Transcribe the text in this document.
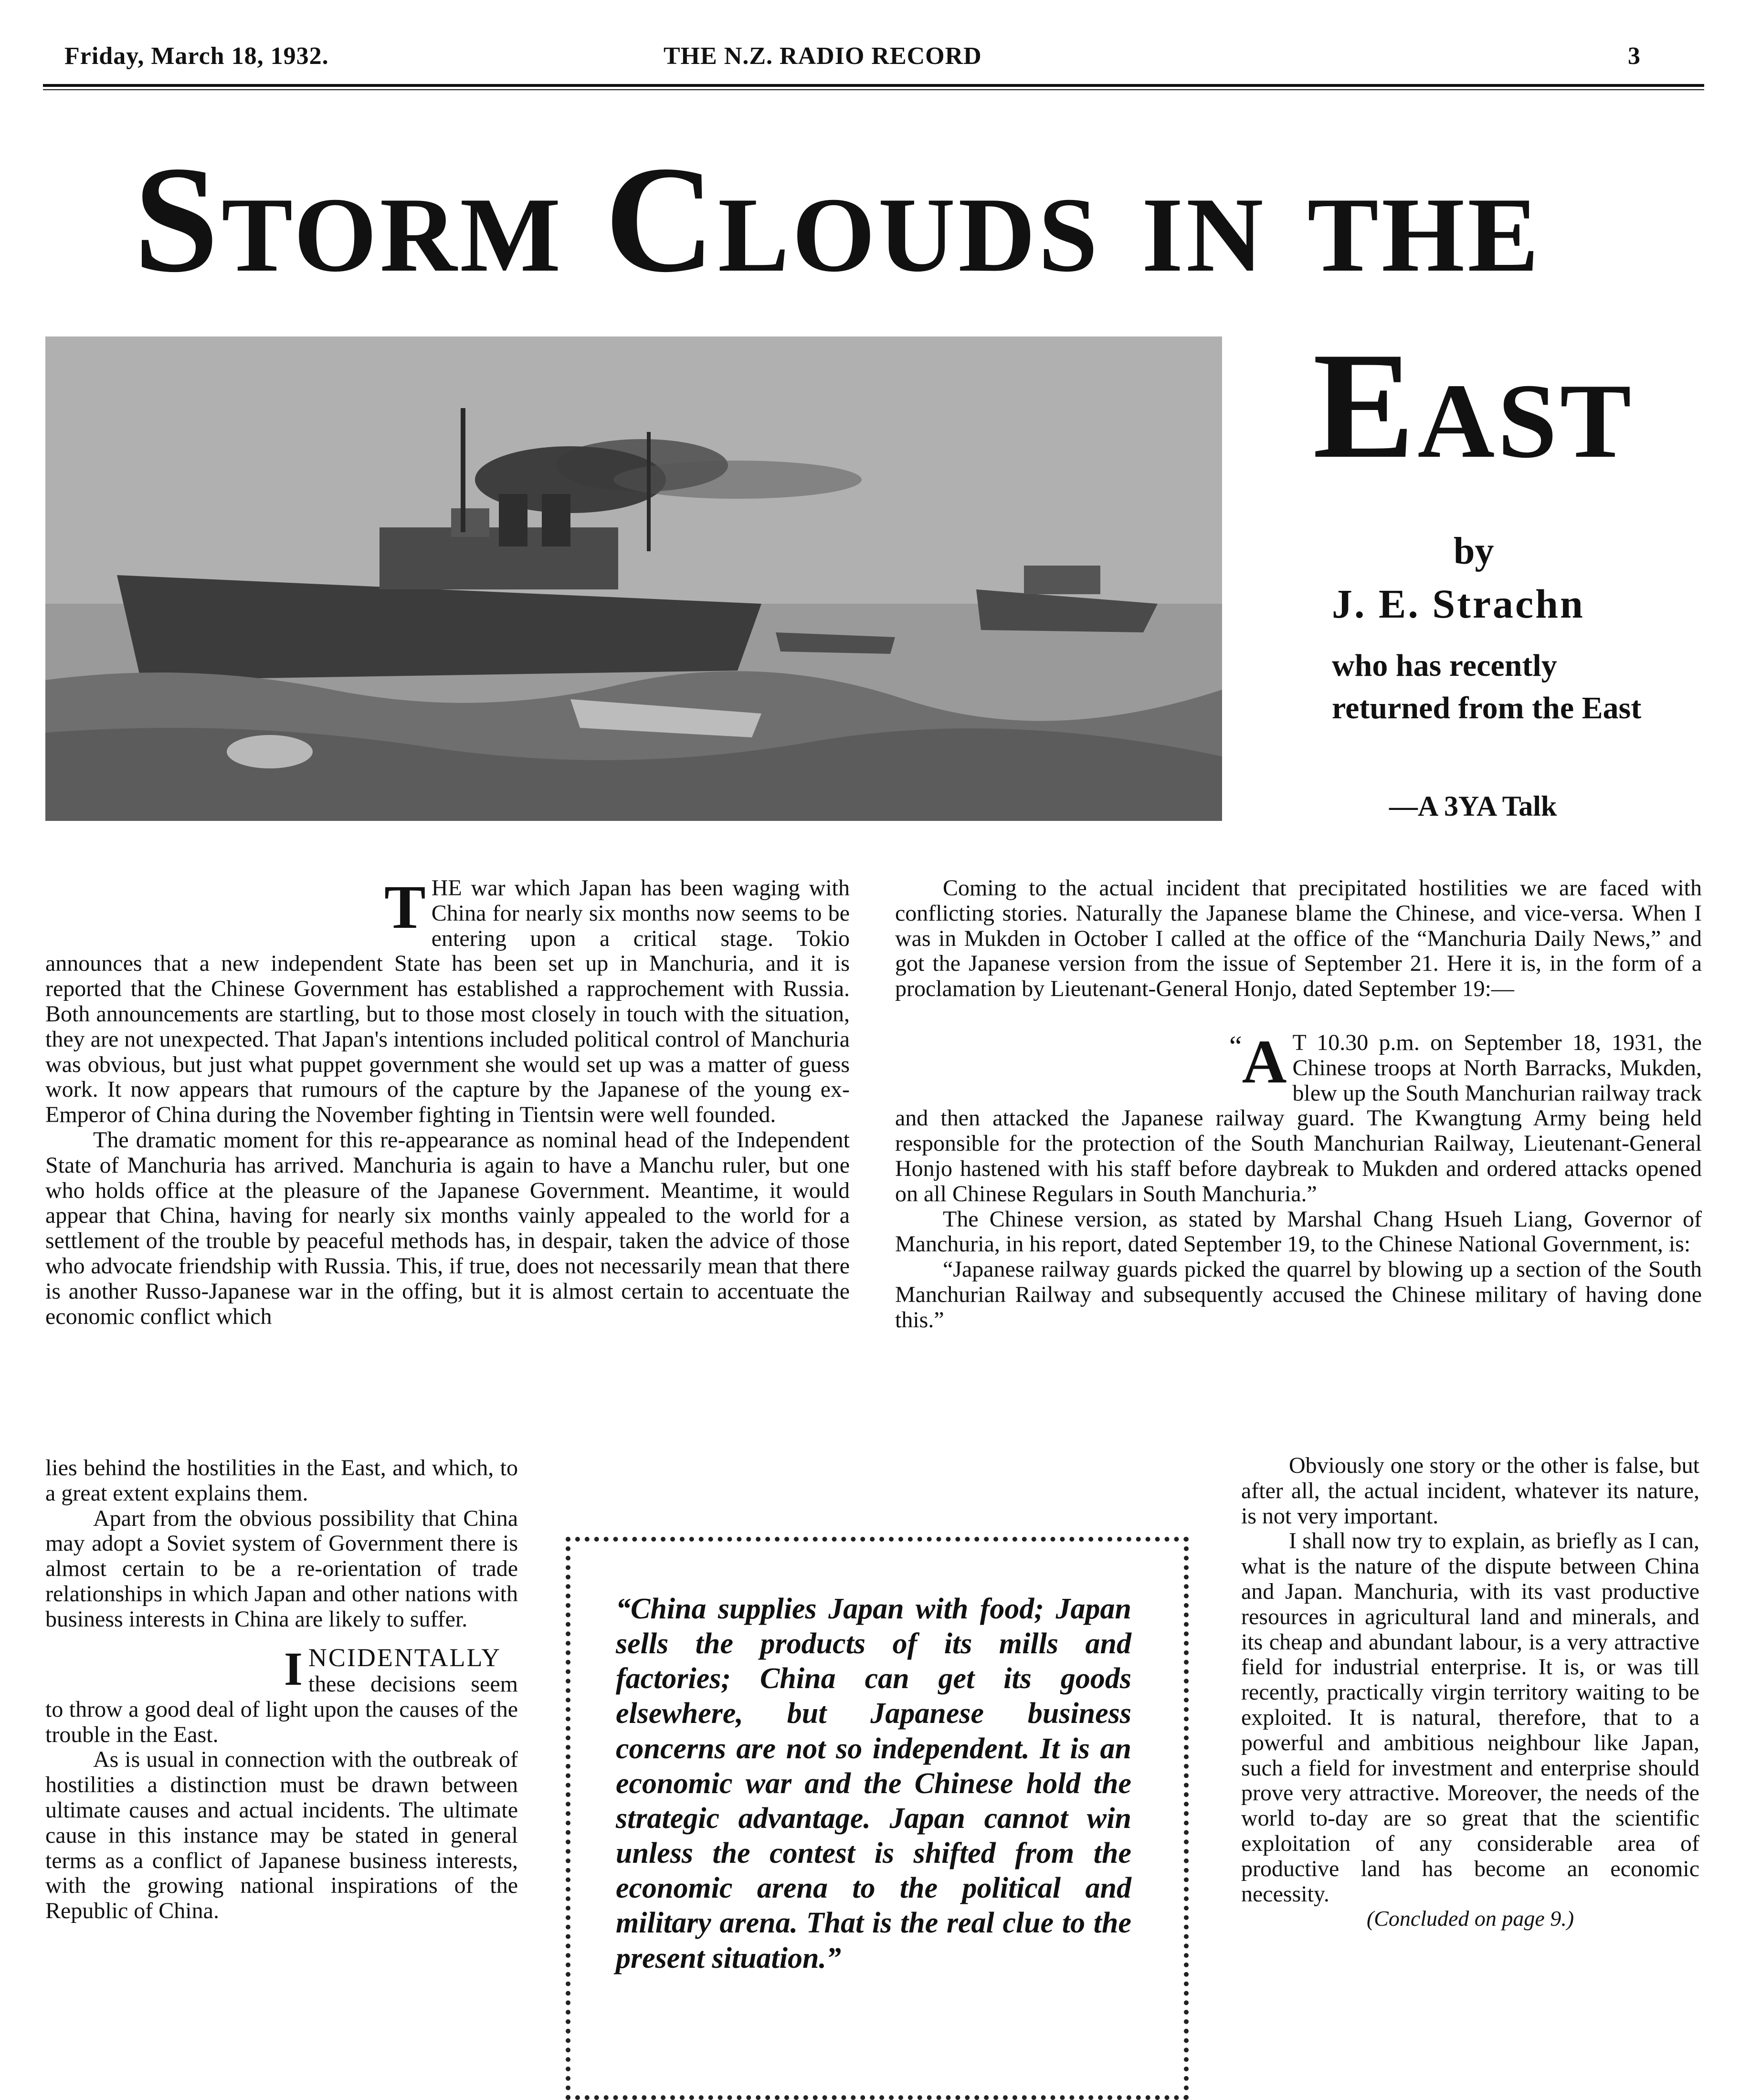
Friday, March 18, 1932.	THE N.Z. RADIO RECORD	3
Storm Clouds in the
East
by
J. E. Strachn
who has recently returned from the East
—A 3YA Talk

THE war which Japan has been waging with China for nearly six months now seems to be entering upon a critical stage. Tokio announces that a new independent State has been set up in Manchuria, and it is reported that the Chinese Government has established a rapprochement with Russia. Both announcements are startling, but to those most closely in touch with the situation, they are not unexpected. That Japan's intentions included political control of Manchuria was obvious, but just what puppet government she would set up was a matter of guess work. It now appears that rumours of the capture by the Japanese of the young ex-Emperor of China during the November fighting in Tientsin were well founded.

The dramatic moment for this re-appearance as nominal head of the Independent State of Manchuria has arrived. Manchuria is again to have a Manchu ruler, but one who holds office at the pleasure of the Japanese Government. Meantime, it would appear that China, having for nearly six months vainly appealed to the world for a settlement of the trouble by peaceful methods has, in despair, taken the advice of those who advocate friendship with Russia. This, if true, does not necessarily mean that there is another Russo-Japanese war in the offing, but it is almost certain to accentuate the economic conflict which

lies behind the hostilities in the East, and which, to a great extent explains them.

Apart from the obvious possibility that China may adopt a Soviet system of Government there is almost certain to be a re-orientation of trade relationships in which Japan and other nations with business interests in China are likely to suffer.

INCIDENTALLY these decisions seem to throw a good deal of light upon the causes of the trouble in the East.

As is usual in connection with the outbreak of hostilities a distinction must be drawn between ultimate causes and actual incidents. The ultimate cause in this instance may be stated in general terms as a conflict of Japanese business interests, with the growing national inspirations of the Republic of China.

Coming to the actual incident that precipitated hostilities we are faced with conflicting stories. Naturally the Japanese blame the Chinese, and vice-versa. When I was in Mukden in October I called at the office of the “Manchuria Daily News,” and got the Japanese version from the issue of September 21. Here it is, in the form of a proclamation by Lieutenant-General Honjo, dated September 19:—

“ A T 10.30 p.m. on September 18, 1931, the Chinese troops at North Barracks, Mukden, blew up the South Manchurian railway track and then attacked the Japanese railway guard. The Kwangtung Army being held responsible for the protection of the South Manchurian Railway, Lieutenant-General Honjo hastened with his staff before daybreak to Mukden and ordered attacks opened on all Chinese Regulars in South Manchuria.”

The Chinese version, as stated by Marshal Chang Hsueh Liang, Governor of Manchuria, in his report, dated September 19, to the Chinese National Government, is:

“Japanese railway guards picked the quarrel by blowing up a section of the South Manchurian Railway and subsequently accused the Chinese military of having done this.”

Obviously one story or the other is false, but after all, the actual incident, whatever its nature, is not very important.

I shall now try to explain, as briefly as I can, what is the nature of the dispute between China and Japan. Manchuria, with its vast productive resources in agricultural land and minerals, and its cheap and abundant labour, is a very attractive field for industrial enterprise. It is, or was till recently, practically virgin territory waiting to be exploited. It is natural, therefore, that to a powerful and ambitious neighbour like Japan, such a field for investment and enterprise should prove very attractive. Moreover, the needs of the world to-day are so great that the scientific exploitation of any considerable area of productive land has become an economic necessity.

(Concluded on page 9.)
“China supplies Japan with food; Japan sells the products of its mills and factories; China can get its goods elsewhere, but Japanese business concerns are not so independent. It is an economic war and the Chinese hold the strategic advantage. Japan cannot win unless the contest is shifted from the economic arena to the political and military arena. That is the real clue to the present situation.”
